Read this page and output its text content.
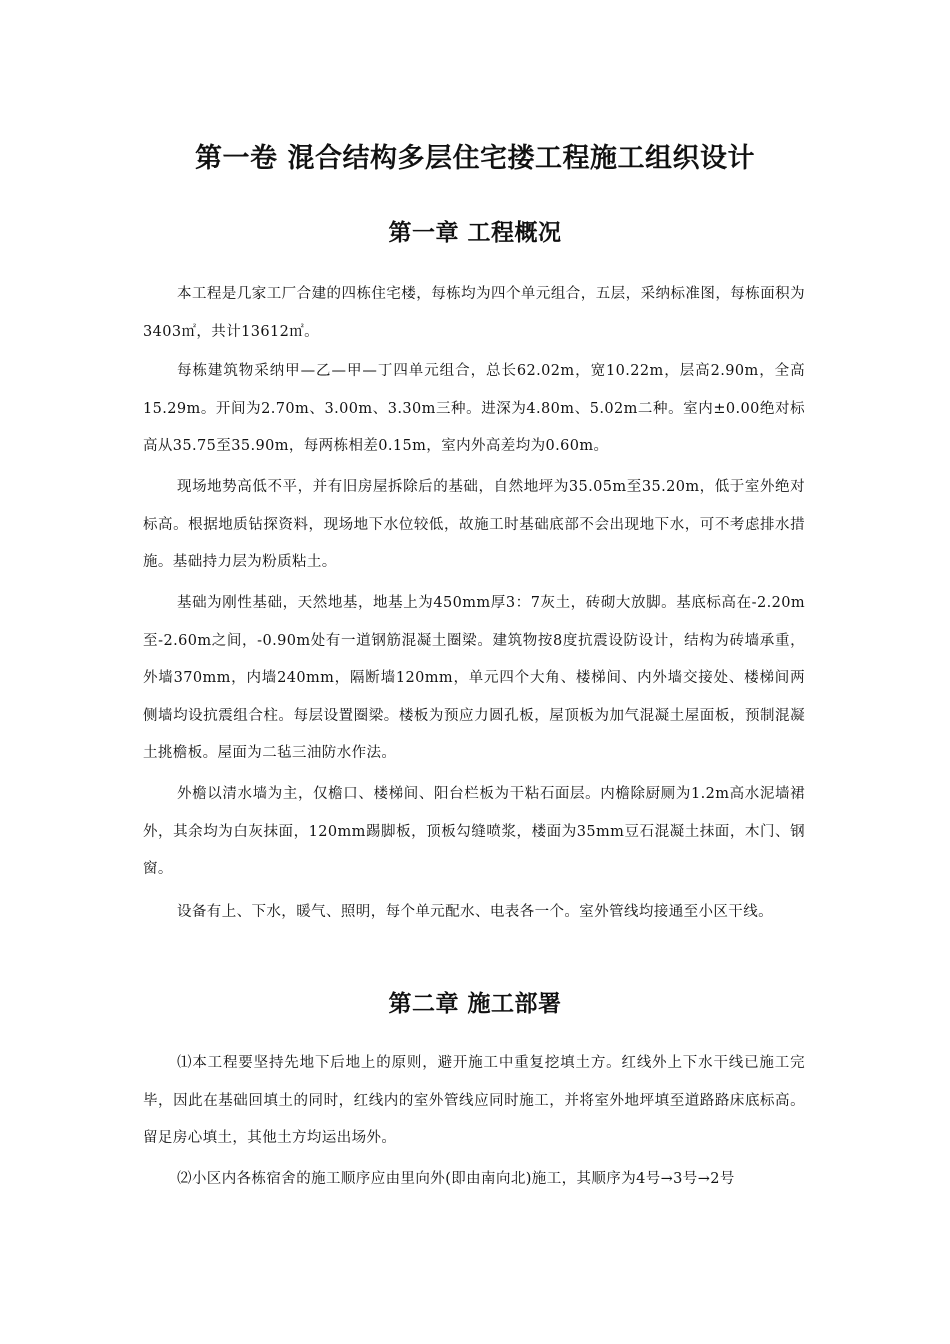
第一卷 混合结构多层住宅搂工程施工组织设计
第一章 工程概况

本工程是几家工厂合建的四栋住宅楼，每栋均为四个单元组合，五层，采纳标准图，每栋面积为3403㎡，共计13612㎡。

每栋建筑物采纳甲—乙—甲—丁四单元组合，总长62.02m，宽10.22m，层高2.90m，全高15.29m。开间为2.70m、3.00m、3.30m三种。进深为4.80m、5.02m二种。室内±0.00绝对标高从35.75至35.90m，每两栋相差0.15m，室内外高差均为0.60m。

现场地势高低不平，并有旧房屋拆除后的基础，自然地坪为35.05m至35.20m，低于室外绝对标高。根据地质钻探资料，现场地下水位较低，故施工时基础底部不会出现地下水，可不考虑排水措施。基础持力层为粉质粘土。

基础为刚性基础，天然地基，地基上为450mm厚3：7灰土，砖砌大放脚。基底标高在-2.20m至-2.60m之间，-0.90m处有一道钢筋混凝土圈梁。建筑物按8度抗震设防设计，结构为砖墙承重，外墙370mm，内墙240mm，隔断墙120mm，单元四个大角、楼梯间、内外墙交接处、楼梯间两侧墙均设抗震组合柱。每层设置圈梁。楼板为预应力圆孔板，屋顶板为加气混凝土屋面板，预制混凝土挑檐板。屋面为二毡三油防水作法。

外檐以清水墙为主，仅檐口、楼梯间、阳台栏板为干粘石面层。内檐除厨厕为1.2m高水泥墙裙外，其余均为白灰抹面，120mm踢脚板，顶板勾缝喷浆，楼面为35mm豆石混凝土抹面，木门、钢窗。

设备有上、下水，暖气、照明，每个单元配水、电表各一个。室外管线均接通至小区干线。

第二章 施工部署

⑴本工程要坚持先地下后地上的原则，避开施工中重复挖填土方。红线外上下水干线已施工完毕，因此在基础回填土的同时，红线内的室外管线应同时施工，并将室外地坪填至道路路床底标高。留足房心填土，其他土方均运出场外。

⑵小区内各栋宿舍的施工顺序应由里向外(即由南向北)施工，其顺序为4号→3号→2号
